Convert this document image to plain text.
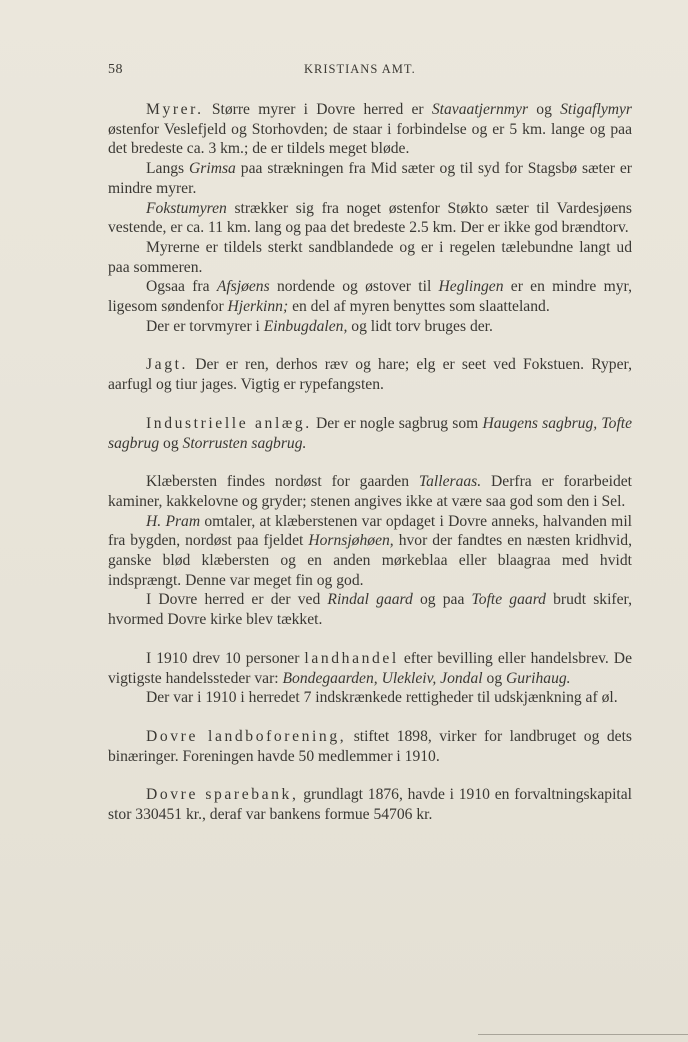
58	KRISTIANS AMT.

Myrer. Større myrer i Dovre herred er Stavaatjernmyr og Stigaflymyr østenfor Veslefjeld og Storhovden; de staar i forbindelse og er 5 km. lange og paa det bredeste ca. 3 km.; de er tildels meget bløde.

Langs Grimsa paa strækningen fra Mid sæter og til syd for Stagsbø sæter er mindre myrer.

Fokstumyren strækker sig fra noget østenfor Støkto sæter til Vardesjøens vestende, er ca. 11 km. lang og paa det bredeste 2.5 km. Der er ikke god brændtorv.

Myrerne er tildels sterkt sandblandede og er i regelen tælebundne langt ud paa sommeren.

Ogsaa fra Afsjøens nordende og østover til Heglingen er en mindre myr, ligesom søndenfor Hjerkinn; en del af myren benyttes som slaatteland.

Der er torvmyrer i Einbugdalen, og lidt torv bruges der.

Jagt. Der er ren, derhos ræv og hare; elg er seet ved Fokstuen. Ryper, aarfugl og tiur jages. Vigtig er rypefangsten.

Industrielle anlæg. Der er nogle sagbrug som Haugens sagbrug, Tofte sagbrug og Storrusten sagbrug.

Klæbersten findes nordøst for gaarden Talleraas. Derfra er forarbeidet kaminer, kakkelovne og gryder; stenen angives ikke at være saa god som den i Sel.

H. Pram omtaler, at klæberstenen var opdaget i Dovre anneks, halvanden mil fra bygden, nordøst paa fjeldet Hornsjøhøen, hvor der fandtes en næsten kridhvid, ganske blød klæbersten og en anden mørkeblaa eller blaagraa med hvidt indsprængt. Denne var meget fin og god.

I Dovre herred er der ved Rindal gaard og paa Tofte gaard brudt skifer, hvormed Dovre kirke blev tækket.

I 1910 drev 10 personer landhandel efter bevilling eller handelsbrev. De vigtigste handelssteder var: Bondegaarden, Ulekleiv, Jondal og Gurihaug.

Der var i 1910 i herredet 7 indskrænkede rettigheder til udskjænkning af øl.

Dovre landboforening, stiftet 1898, virker for landbruget og dets binæringer. Foreningen havde 50 medlemmer i 1910.

Dovre sparebank, grundlagt 1876, havde i 1910 en forvaltningskapital stor 330451 kr., deraf var bankens formue 54706 kr.
